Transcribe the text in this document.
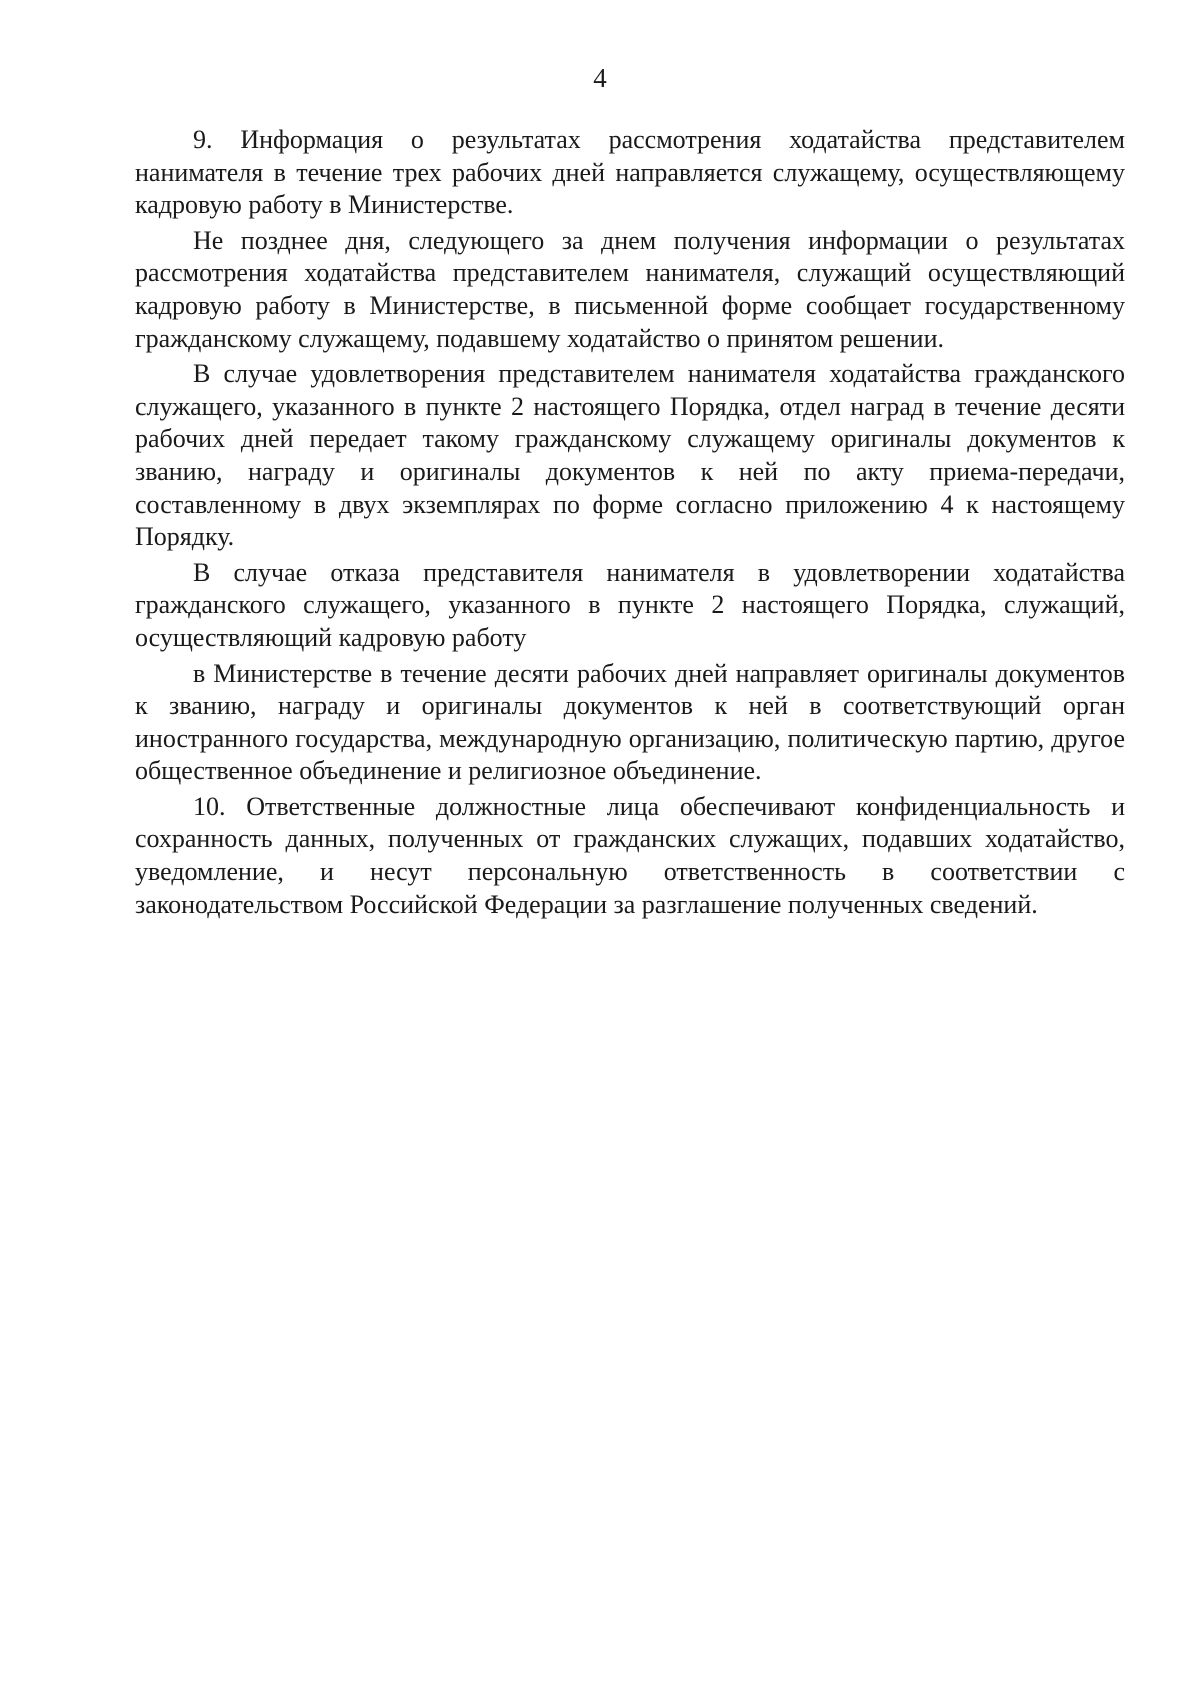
4

9. Информация о результатах рассмотрения ходатайства представителем нанимателя в течение трех рабочих дней направляется служащему, осуществляющему кадровую работу в Министерстве.

Не позднее дня, следующего за днем получения информации о результатах рассмотрения ходатайства представителем нанимателя, служащий осуществляющий кадровую работу в Министерстве, в письменной форме сообщает государственному гражданскому служащему, подавшему ходатайство о принятом решении.

В случае удовлетворения представителем нанимателя ходатайства гражданского служащего, указанного в пункте 2 настоящего Порядка, отдел наград в течение десяти рабочих дней передает такому гражданскому служащему оригиналы документов к званию, награду и оригиналы документов к ней по акту приема-передачи, составленному в двух экземплярах по форме согласно приложению 4 к настоящему Порядку.

В случае отказа представителя нанимателя в удовлетворении ходатайства гражданского служащего, указанного в пункте 2 настоящего Порядка, служащий, осуществляющий кадровую работу

в Министерстве в течение десяти рабочих дней направляет оригиналы документов к званию, награду и оригиналы документов к ней в соответствующий орган иностранного государства, международную организацию, политическую партию, другое общественное объединение и религиозное объединение.

10. Ответственные должностные лица обеспечивают конфиденциальность и сохранность данных, полученных от гражданских служащих, подавших ходатайство, уведомление, и несут персональную ответственность в соответствии с законодательством Российской Федерации за разглашение полученных сведений.
